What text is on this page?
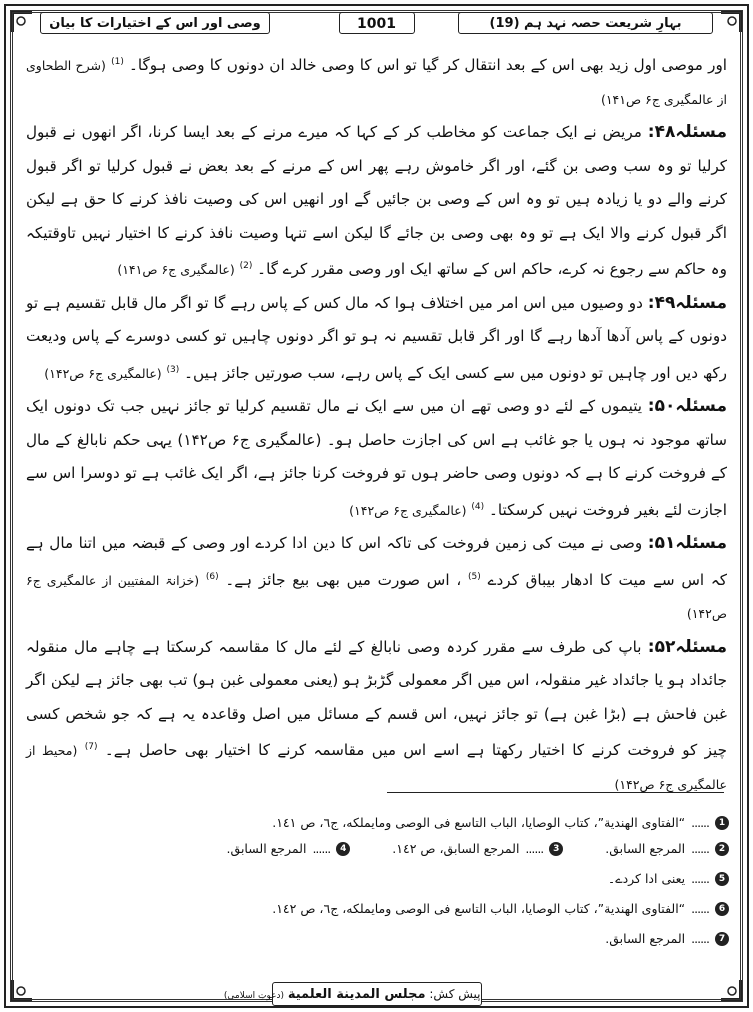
بہارِ شریعت حصہ نہد ہم (19)
1001
وصی اور اس کے اختیارات کا بیان

اور موصی اول زید بھی اس کے بعد انتقال کر گیا تو اس کا وصی خالد ان دونوں کا وصی ہوگا۔ $^{(1)}$ (شرح الطحاوی از عالمگیری ج۶ ص۱۴۱)

مسئلہ۴۸: مریض نے ایک جماعت کو مخاطب کر کے کہا کہ میرے مرنے کے بعد ایسا کرنا، اگر انھوں نے قبول کرلیا تو وہ سب وصی بن گئے، اور اگر خاموش رہے پھر اس کے مرنے کے بعد بعض نے قبول کرلیا تو اگر قبول کرنے والے دو یا زیادہ ہیں تو وہ اس کے وصی بن جائیں گے اور انھیں اس کی وصیت نافذ کرنے کا حق ہے لیکن اگر قبول کرنے والا ایک ہے تو وہ بھی وصی بن جائے گا لیکن اسے تنہا وصیت نافذ کرنے کا اختیار نہیں تاوقتیکہ وہ حاکم سے رجوع نہ کرے، حاکم اس کے ساتھ ایک اور وصی مقرر کرے گا۔ $^{(2)}$ (عالمگیری ج۶ ص۱۴۱)

مسئلہ۴۹: دو وصیوں میں اس امر میں اختلاف ہوا کہ مال کس کے پاس رہے گا تو اگر مال قابل تقسیم ہے تو دونوں کے پاس آدھا آدھا رہے گا اور اگر قابل تقسیم نہ ہو تو اگر دونوں چاہیں تو کسی دوسرے کے پاس ودیعت رکھ دیں اور چاہیں تو دونوں میں سے کسی ایک کے پاس رہے، سب صورتیں جائز ہیں۔ $^{(3)}$ (عالمگیری ج۶ ص۱۴۲)

مسئلہ۵۰: یتیموں کے لئے دو وصی تھے ان میں سے ایک نے مال تقسیم کرلیا تو جائز نہیں جب تک دونوں ایک ساتھ موجود نہ ہوں یا جو غائب ہے اس کی اجازت حاصل ہو۔ (عالمگیری ج۶ ص۱۴۲) یہی حکم نابالغ کے مال کے فروخت کرنے کا ہے کہ دونوں وصی حاضر ہوں تو فروخت کرنا جائز ہے، اگر ایک غائب ہے تو دوسرا اس سے اجازت لئے بغیر فروخت نہیں کرسکتا۔ $^{(4)}$ (عالمگیری ج۶ ص۱۴۲)

مسئلہ۵۱: وصی نے میت کی زمین فروخت کی تاکہ اس کا دین ادا کردے اور وصی کے قبضہ میں اتنا مال ہے کہ اس سے میت کا ادھار بیباق کردے $^{(5)}$ ، اس صورت میں بھی بیع جائز ہے۔ $^{(6)}$ (خزانۃ المفتیین از عالمگیری ج۶ ص۱۴۲)

مسئلہ۵۲: باپ کی طرف سے مقرر کردہ وصی نابالغ کے لئے مال کا مقاسمہ کرسکتا ہے چاہے مال منقولہ جائداد ہو یا جائداد غیر منقولہ، اس میں اگر معمولی گڑبڑ ہو (یعنی معمولی غبن ہو) تب بھی جائز ہے لیکن اگر غبن فاحش ہے (بڑا غبن ہے) تو جائز نہیں، اس قسم کے مسائل میں اصل وقاعدہ یہ ہے کہ جو شخص کسی چیز کو فروخت کرنے کا اختیار رکھتا ہے اسے اس میں مقاسمہ کرنے کا اختیار بھی حاصل ہے۔ $^{(7)}$ (محیط از عالمگیری ج۶ ص۱۴۲)

1
......
“الفتاوى الهندية”، كتاب الوصايا، الباب التاسع فى الوصى ومايملكه، ج٦، ص ١٤١.
2
......
المرجع السابق.
3
......
المرجع السابق، ص ١٤٢.
4
......
المرجع السابق.
5
......
یعنی ادا کردے۔
6
......
“الفتاوى الهندية”، كتاب الوصايا، الباب التاسع فى الوصى ومايملكه، ج٦، ص ١٤٢.
7
......
المرجع السابق.
پیش کش: مجلس المدينة العلمية (دعوتِ اسلامی)
